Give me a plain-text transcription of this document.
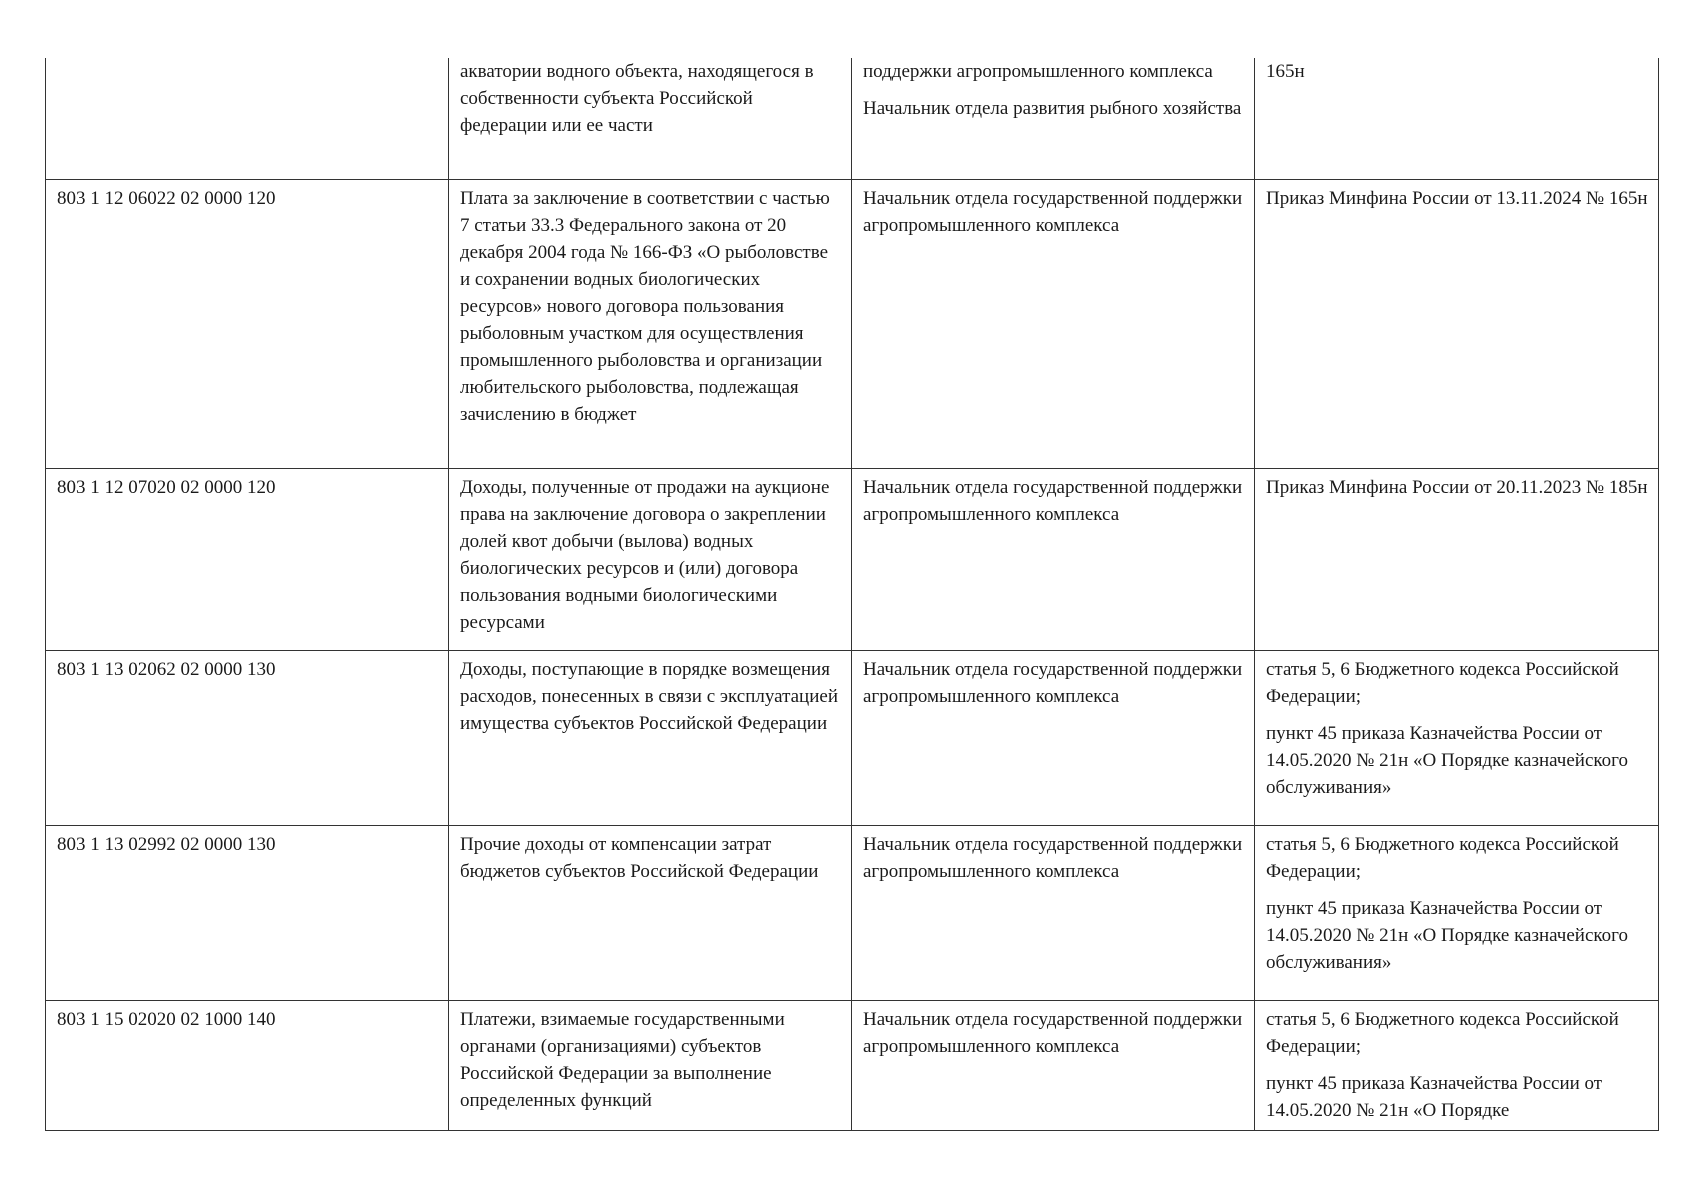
	акватории водного объекта, находящегося в собственности субъекта Российской федерации или ее части	поддержки агропромышленного комплекса
Начальник отдела развития рыбного хозяйства	165н

803 1 12 06022 02 0000 120	Плата за заключение в соответствии с частью 7 статьи 33.3 Федерального закона от 20 декабря 2004 года № 166-ФЗ «О рыболовстве и сохранении водных биологических ресурсов» нового договора пользования рыболовным участком для осуществления промышленного рыболовства и организации любительского рыболовства, подлежащая зачислению в бюджет	Начальник отдела государственной поддержки агропромышленного комплекса	Приказ Минфина России от 13.11.2024 № 165н

803 1 12 07020 02 0000 120	Доходы, полученные от продажи на аукционе права на заключение договора о закреплении долей квот добычи (вылова) водных биологических ресурсов и (или) договора пользования водными биологическими ресурсами	Начальник отдела государственной поддержки агропромышленного комплекса	Приказ Минфина России от 20.11.2023 № 185н

803 1 13 02062 02 0000 130	Доходы, поступающие в порядке возмещения расходов, понесенных в связи с эксплуатацией имущества субъектов Российской Федерации	Начальник отдела государственной поддержки агропромышленного комплекса	статья 5, 6 Бюджетного кодекса Российской Федерации;
пункт 45 приказа Казначейства России от 14.05.2020 № 21н «О Порядке казначейского обслуживания»

803 1 13 02992 02 0000 130	Прочие доходы от компенсации затрат бюджетов субъектов Российской Федерации	Начальник отдела государственной поддержки агропромышленного комплекса	статья 5, 6 Бюджетного кодекса Российской Федерации;
пункт 45 приказа Казначейства России от 14.05.2020 № 21н «О Порядке казначейского обслуживания»

803 1 15 02020 02 1000 140	Платежи, взимаемые государственными органами (организациями) субъектов Российской Федерации за выполнение определенных функций	Начальник отдела государственной поддержки агропромышленного комплекса	статья 5, 6 Бюджетного кодекса Российской Федерации;
пункт 45 приказа Казначейства России от 14.05.2020 № 21н «О Порядке
